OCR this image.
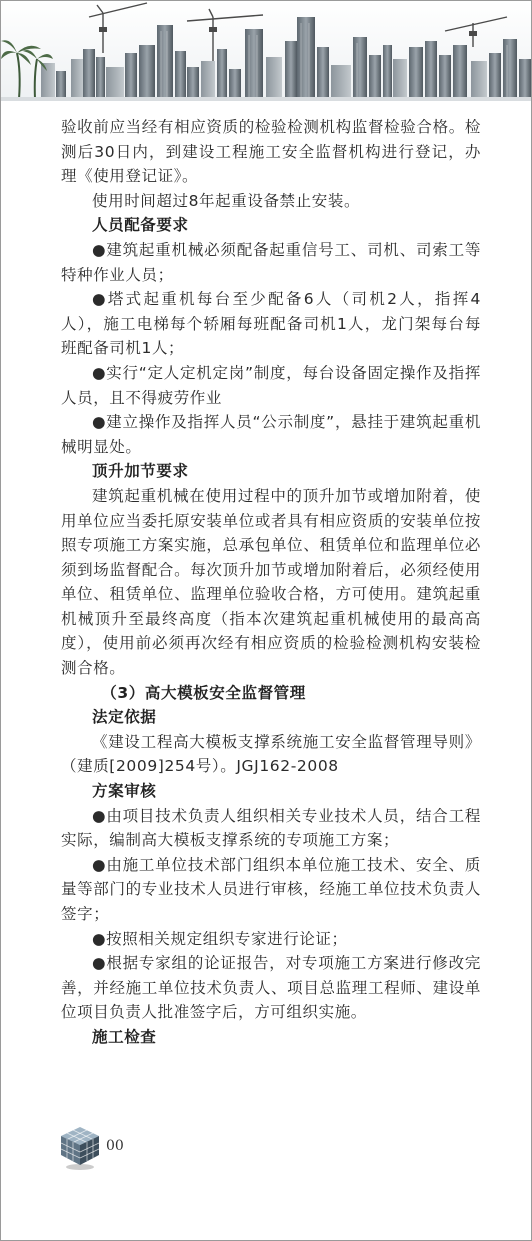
验收前应当经有相应资质的检验检测机构监督检验合格。检测后30日内，到建设工程施工安全监督机构进行登记，办理《使用登记证》。

使用时间超过8年起重设备禁止安装。

人员配备要求

●建筑起重机械必须配备起重信号工、司机、司索工等特种作业人员；

●塔式起重机每台至少配备6人（司机2人，指挥4人），施工电梯每个轿厢每班配备司机1人，龙门架每台每班配备司机1人；

●实行“定人定机定岗”制度，每台设备固定操作及指挥人员，且不得疲劳作业

●建立操作及指挥人员“公示制度”，悬挂于建筑起重机械明显处。

顶升加节要求

建筑起重机械在使用过程中的顶升加节或增加附着，使用单位应当委托原安装单位或者具有相应资质的安装单位按照专项施工方案实施，总承包单位、租赁单位和监理单位必须到场监督配合。每次顶升加节或增加附着后，必须经使用单位、租赁单位、监理单位验收合格，方可使用。建筑起重机械顶升至最终高度（指本次建筑起重机械使用的最高高度），使用前必须再次经有相应资质的检验检测机构安装检测合格。

（3）高大模板安全监督管理

法定依据

《建设工程高大模板支撑系统施工安全监督管理导则》（建质[2009]254号）。JGJ162-2008

方案审核

●由项目技术负责人组织相关专业技术人员，结合工程实际，编制高大模板支撑系统的专项施工方案；

●由施工单位技术部门组织本单位施工技术、安全、质量等部门的专业技术人员进行审核，经施工单位技术负责人签字；

●按照相关规定组织专家进行论证；

●根据专家组的论证报告，对专项施工方案进行修改完善，并经施工单位技术负责人、项目总监理工程师、建设单位项目负责人批准签字后，方可组织实施。

施工检查

00
